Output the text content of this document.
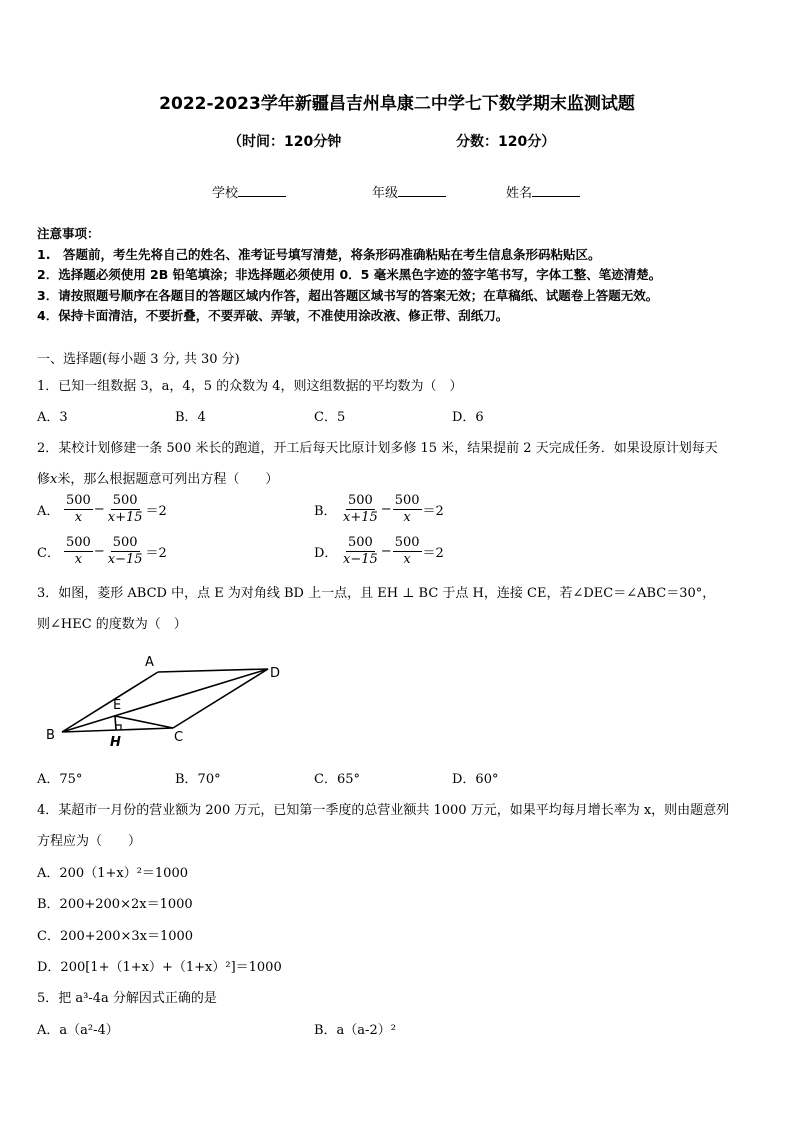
2022-2023学年新疆昌吉州阜康二中学七下数学期末监测试题
（时间：120分钟	分数：120分）
学校	年级	姓名
注意事项：
1.　答题前，考生先将自己的姓名、准考证号填写清楚，将条形码准确粘贴在考生信息条形码粘贴区。
2．选择题必须使用 2B 铅笔填涂；非选择题必须使用 0．5 毫米黑色字迹的签字笔书写，字体工整、笔迹清楚。
3．请按照题号顺序在各题目的答题区域内作答，超出答题区域书写的答案无效；在草稿纸、试题卷上答题无效。
4．保持卡面清洁，不要折叠，不要弄破、弄皱，不准使用涂改液、修正带、刮纸刀。
一、选择题(每小题 3 分, 共 30 分)
1．已知一组数据 3，a，4，5 的众数为 4，则这组数据的平均数为（　）
A．3	B．4	C．5	D．6
2．某校计划修建一条 500 米长的跑道，开工后每天比原计划多修 15 米，结果提前 2 天完成任务．如果设原计划每天
修x米，那么根据题意可列出方程（　　）
A． $\frac{500}{x} - \frac{500}{x+15} =2$	B． $\frac{500}{x+15} - \frac{500}{x} =2$
C． $\frac{500}{x} - \frac{500}{x-15} =2$	D． $\frac{500}{x-15} - \frac{500}{x} =2$
3．如图，菱形 ABCD 中，点 E 为对角线 BD 上一点，且 EH ⊥ BC 于点 H，连接 CE，若∠DEC＝∠ABC＝30°，
则∠HEC 的度数为（　）
A
D
B	C
E
H
A．75°	B．70°	C．65°	D．60°
4．某超市一月份的营业额为 200 万元，已知第一季度的总营业额共 1000 万元，如果平均每月增长率为 x，则由题意列
方程应为（　　）
A．200（1+x）²＝1000
B．200+200×2x＝1000
C．200+200×3x＝1000
D．200[1+（1+x）+（1+x）²]＝1000
5．把 a³-4a 分解因式正确的是
A．a（a²-4）	B．a（a-2）²
